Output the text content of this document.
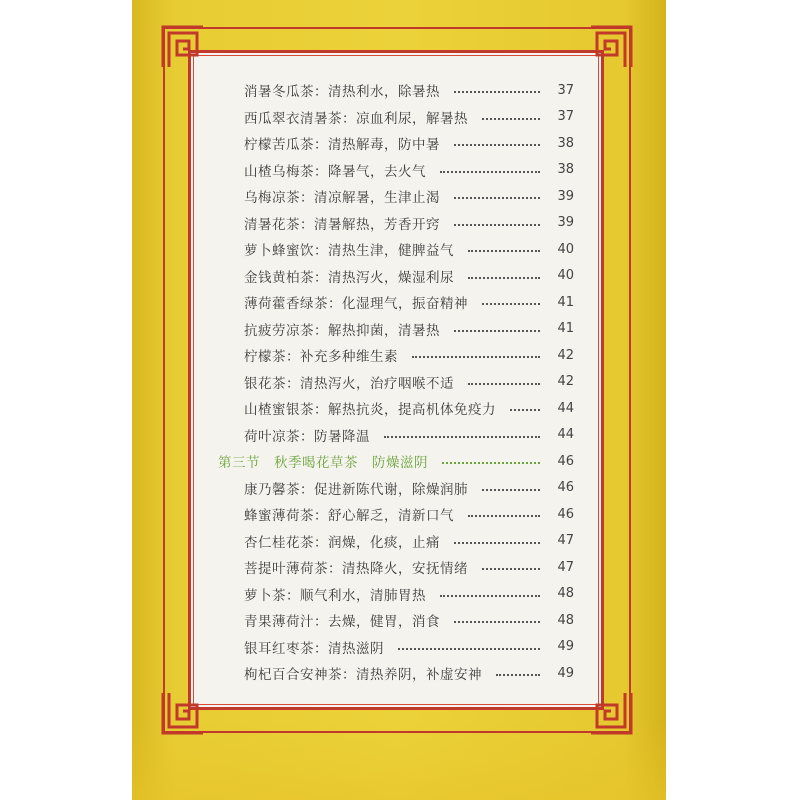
消暑冬瓜茶：清热利水，除暑热	37
西瓜翠衣清暑茶：凉血利尿，解暑热	37
柠檬苦瓜茶：清热解毒，防中暑	38
山楂乌梅茶：降暑气，去火气	38
乌梅凉茶：清凉解暑，生津止渴	39
清暑花茶：清暑解热，芳香开窍	39
萝卜蜂蜜饮：清热生津，健脾益气	40
金钱黄柏茶：清热泻火，燥湿利尿	40
薄荷藿香绿茶：化湿理气，振奋精神	41
抗疲劳凉茶：解热抑菌，清暑热	41
柠檬茶：补充多种维生素	42
银花茶：清热泻火，治疗咽喉不适	42
山楂蜜银茶：解热抗炎，提高机体免疫力	44
荷叶凉茶：防暑降温	44
第三节　秋季喝花草茶　防燥滋阴	46
康乃馨茶：促进新陈代谢，除燥润肺	46
蜂蜜薄荷茶：舒心解乏，清新口气	46
杏仁桂花茶：润燥，化痰，止痛	47
菩提叶薄荷茶：清热降火，安抚情绪	47
萝卜茶：顺气利水，清肺胃热	48
青果薄荷汁：去燥，健胃，消食	48
银耳红枣茶：清热滋阴	49
枸杞百合安神茶：清热养阴，补虚安神	49
